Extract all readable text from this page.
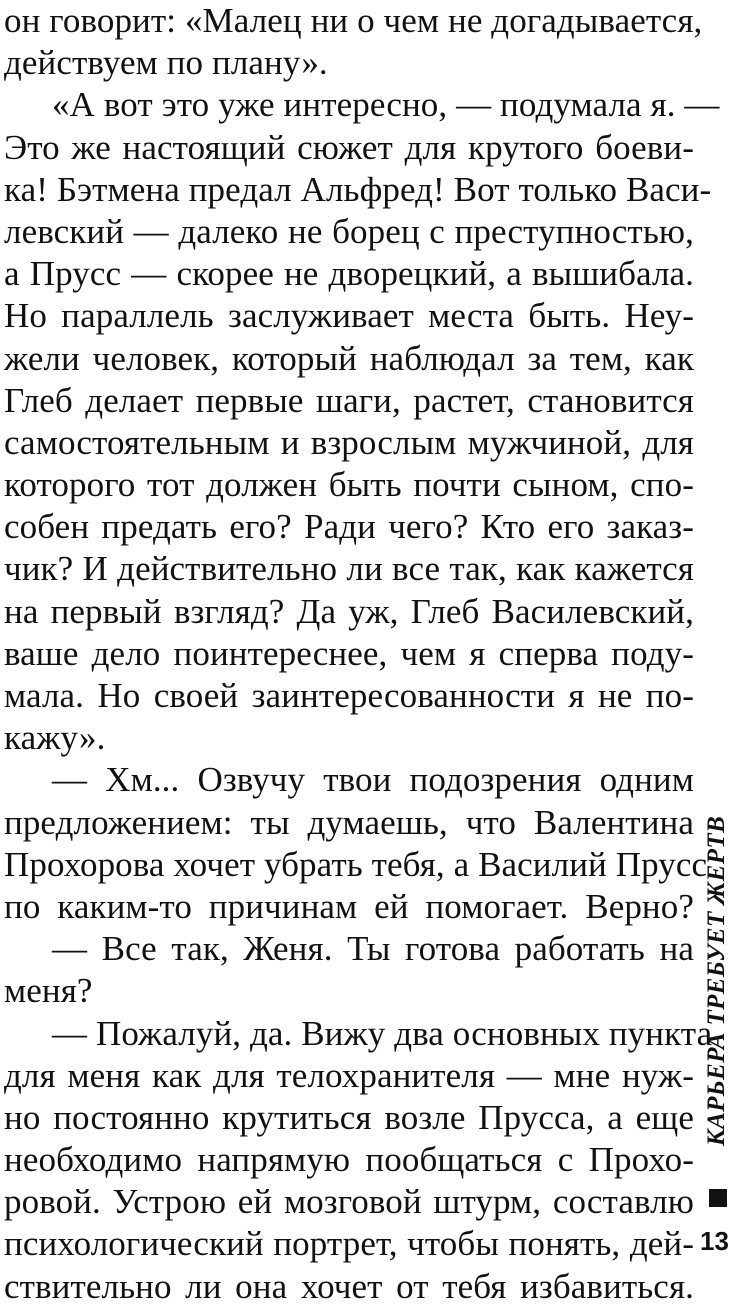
он говорит: «Малец ни о чем не догадывается,
действуем по плану».
«А вот это уже интересно, — подумала я. —
Это же настоящий сюжет для крутого боеви-
ка! Бэтмена предал Альфред! Вот только Васи-
левский — далеко не борец с преступностью,
а Прусс — скорее не дворецкий, а вышибала.
Но параллель заслуживает места быть. Неу-
жели человек, который наблюдал за тем, как
Глеб делает первые шаги, растет, становится
самостоятельным и взрослым мужчиной, для
которого тот должен быть почти сыном, спо-
собен предать его? Ради чего? Кто его заказ-
чик? И действительно ли все так, как кажется
на первый взгляд? Да уж, Глеб Василевский,
ваше дело поинтереснее, чем я сперва поду-
мала. Но своей заинтересованности я не по-
кажу».
— Хм... Озвучу твои подозрения одним
предложением: ты думаешь, что Валентина
Прохорова хочет убрать тебя, а Василий Прусс
по каким-то причинам ей помогает. Верно?
— Все так, Женя. Ты готова работать на
меня?
— Пожалуй, да. Вижу два основных пункта
для меня как для телохранителя — мне нуж-
но постоянно крутиться возле Прусса, а еще
необходимо напрямую пообщаться с Прохо-
ровой. Устрою ей мозговой штурм, составлю
психологический портрет, чтобы понять, дей-
ствительно ли она хочет от тебя избавиться.
КАРЬЕРА ТРЕБУЕТ ЖЕРТВ
13
